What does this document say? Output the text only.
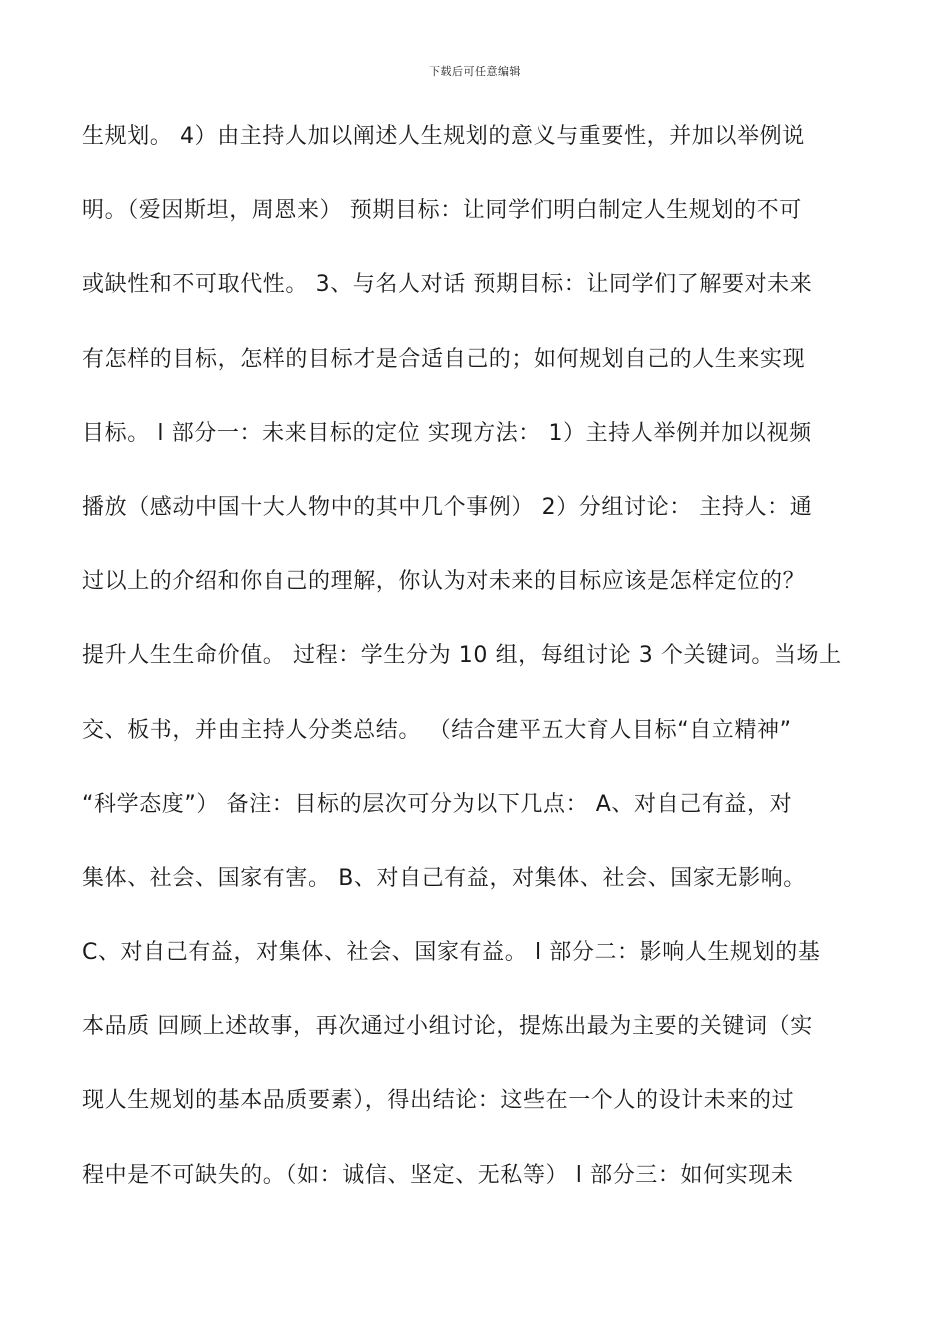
下载后可任意编辑
生规划。 4）由主持人加以阐述人生规划的意义与重要性，并加以举例说
明。（爱因斯坦，周恩来） 预期目标：让同学们明白制定人生规划的不可
或缺性和不可取代性。 3、与名人对话 预期目标：让同学们了解要对未来
有怎样的目标，怎样的目标才是合适自己的；如何规划自己的人生来实现
目标。 l 部分一：未来目标的定位 实现方法： 1）主持人举例并加以视频
播放（感动中国十大人物中的其中几个事例） 2）分组讨论： 主持人：通
过以上的介绍和你自己的理解，你认为对未来的目标应该是怎样定位的？
提升人生生命价值。 过程：学生分为 10 组，每组讨论 3 个关键词。当场上
交、板书，并由主持人分类总结。 （结合建平五大育人目标“自立精神”
“科学态度”） 备注：目标的层次可分为以下几点： A、对自己有益，对
集体、社会、国家有害。 B、对自己有益，对集体、社会、国家无影响。
C、对自己有益，对集体、社会、国家有益。 l 部分二：影响人生规划的基
本品质 回顾上述故事，再次通过小组讨论，提炼出最为主要的关键词（实
现人生规划的基本品质要素），得出结论：这些在一个人的设计未来的过
程中是不可缺失的。（如：诚信、坚定、无私等） l 部分三：如何实现未
